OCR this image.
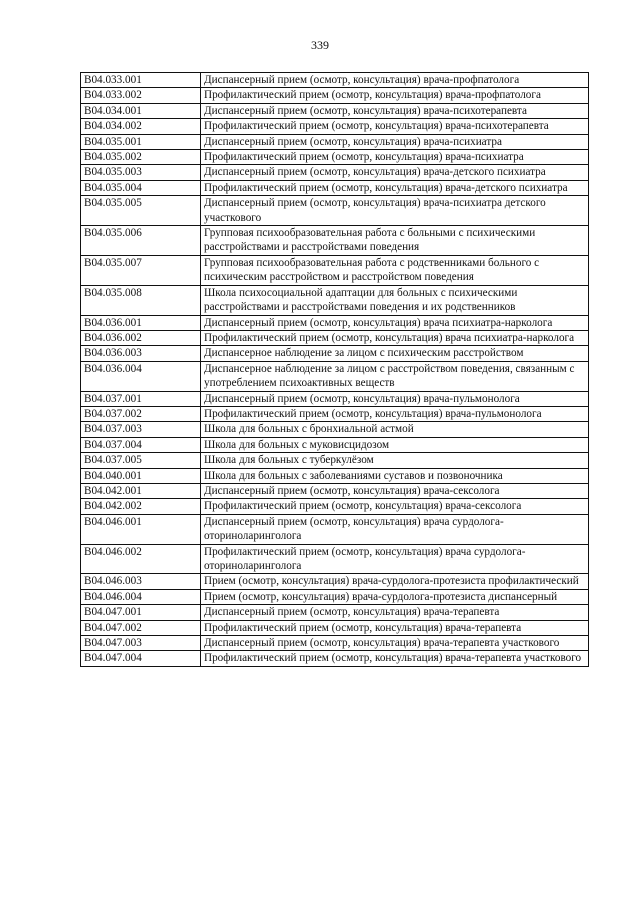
339
B04.033.001	Диспансерный прием (осмотр, консультация) врача-профпатолога
B04.033.002	Профилактический прием (осмотр, консультация) врача-профпатолога
B04.034.001	Диспансерный прием (осмотр, консультация) врача-психотерапевта
B04.034.002	Профилактический прием (осмотр, консультация) врача-психотерапевта
B04.035.001	Диспансерный прием (осмотр, консультация) врача-психиатра
B04.035.002	Профилактический прием (осмотр, консультация) врача-психиатра
B04.035.003	Диспансерный прием (осмотр, консультация) врача-детского психиатра
B04.035.004	Профилактический прием (осмотр, консультация) врача-детского психиатра
B04.035.005	Диспансерный прием (осмотр, консультация) врача-психиатра детского участкового
B04.035.006	Групповая психообразовательная работа с больными с психическими расстройствами и расстройствами поведения
B04.035.007	Групповая психообразовательная работа с родственниками больного с психическим расстройством и расстройством поведения
B04.035.008	Школа психосоциальной адаптации для больных с психическими расстройствами и расстройствами поведения и их родственников
B04.036.001	Диспансерный прием (осмотр, консультация) врача психиатра-нарколога
B04.036.002	Профилактический прием (осмотр, консультация) врача психиатра-нарколога
B04.036.003	Диспансерное наблюдение за лицом с психическим расстройством
B04.036.004	Диспансерное наблюдение за лицом с расстройством поведения, связанным с употреблением психоактивных веществ
B04.037.001	Диспансерный прием (осмотр, консультация) врача-пульмонолога
B04.037.002	Профилактический прием (осмотр, консультация) врача-пульмонолога
B04.037.003	Школа для больных с бронхиальной астмой
B04.037.004	Школа для больных с муковисцидозом
B04.037.005	Школа для больных с туберкулёзом
B04.040.001	Школа для больных с заболеваниями суставов и позвоночника
B04.042.001	Диспансерный прием (осмотр, консультация) врача-сексолога
B04.042.002	Профилактический прием (осмотр, консультация) врача-сексолога
B04.046.001	Диспансерный прием (осмотр, консультация) врача сурдолога-оториноларинголога
B04.046.002	Профилактический прием (осмотр, консультация) врача сурдолога-оториноларинголога
B04.046.003	Прием (осмотр, консультация) врача-сурдолога-протезиста профилактический
B04.046.004	Прием (осмотр, консультация) врача-сурдолога-протезиста диспансерный
B04.047.001	Диспансерный прием (осмотр, консультация) врача-терапевта
B04.047.002	Профилактический прием (осмотр, консультация) врача-терапевта
B04.047.003	Диспансерный прием (осмотр, консультация) врача-терапевта участкового
B04.047.004	Профилактический прием (осмотр, консультация) врача-терапевта участкового
